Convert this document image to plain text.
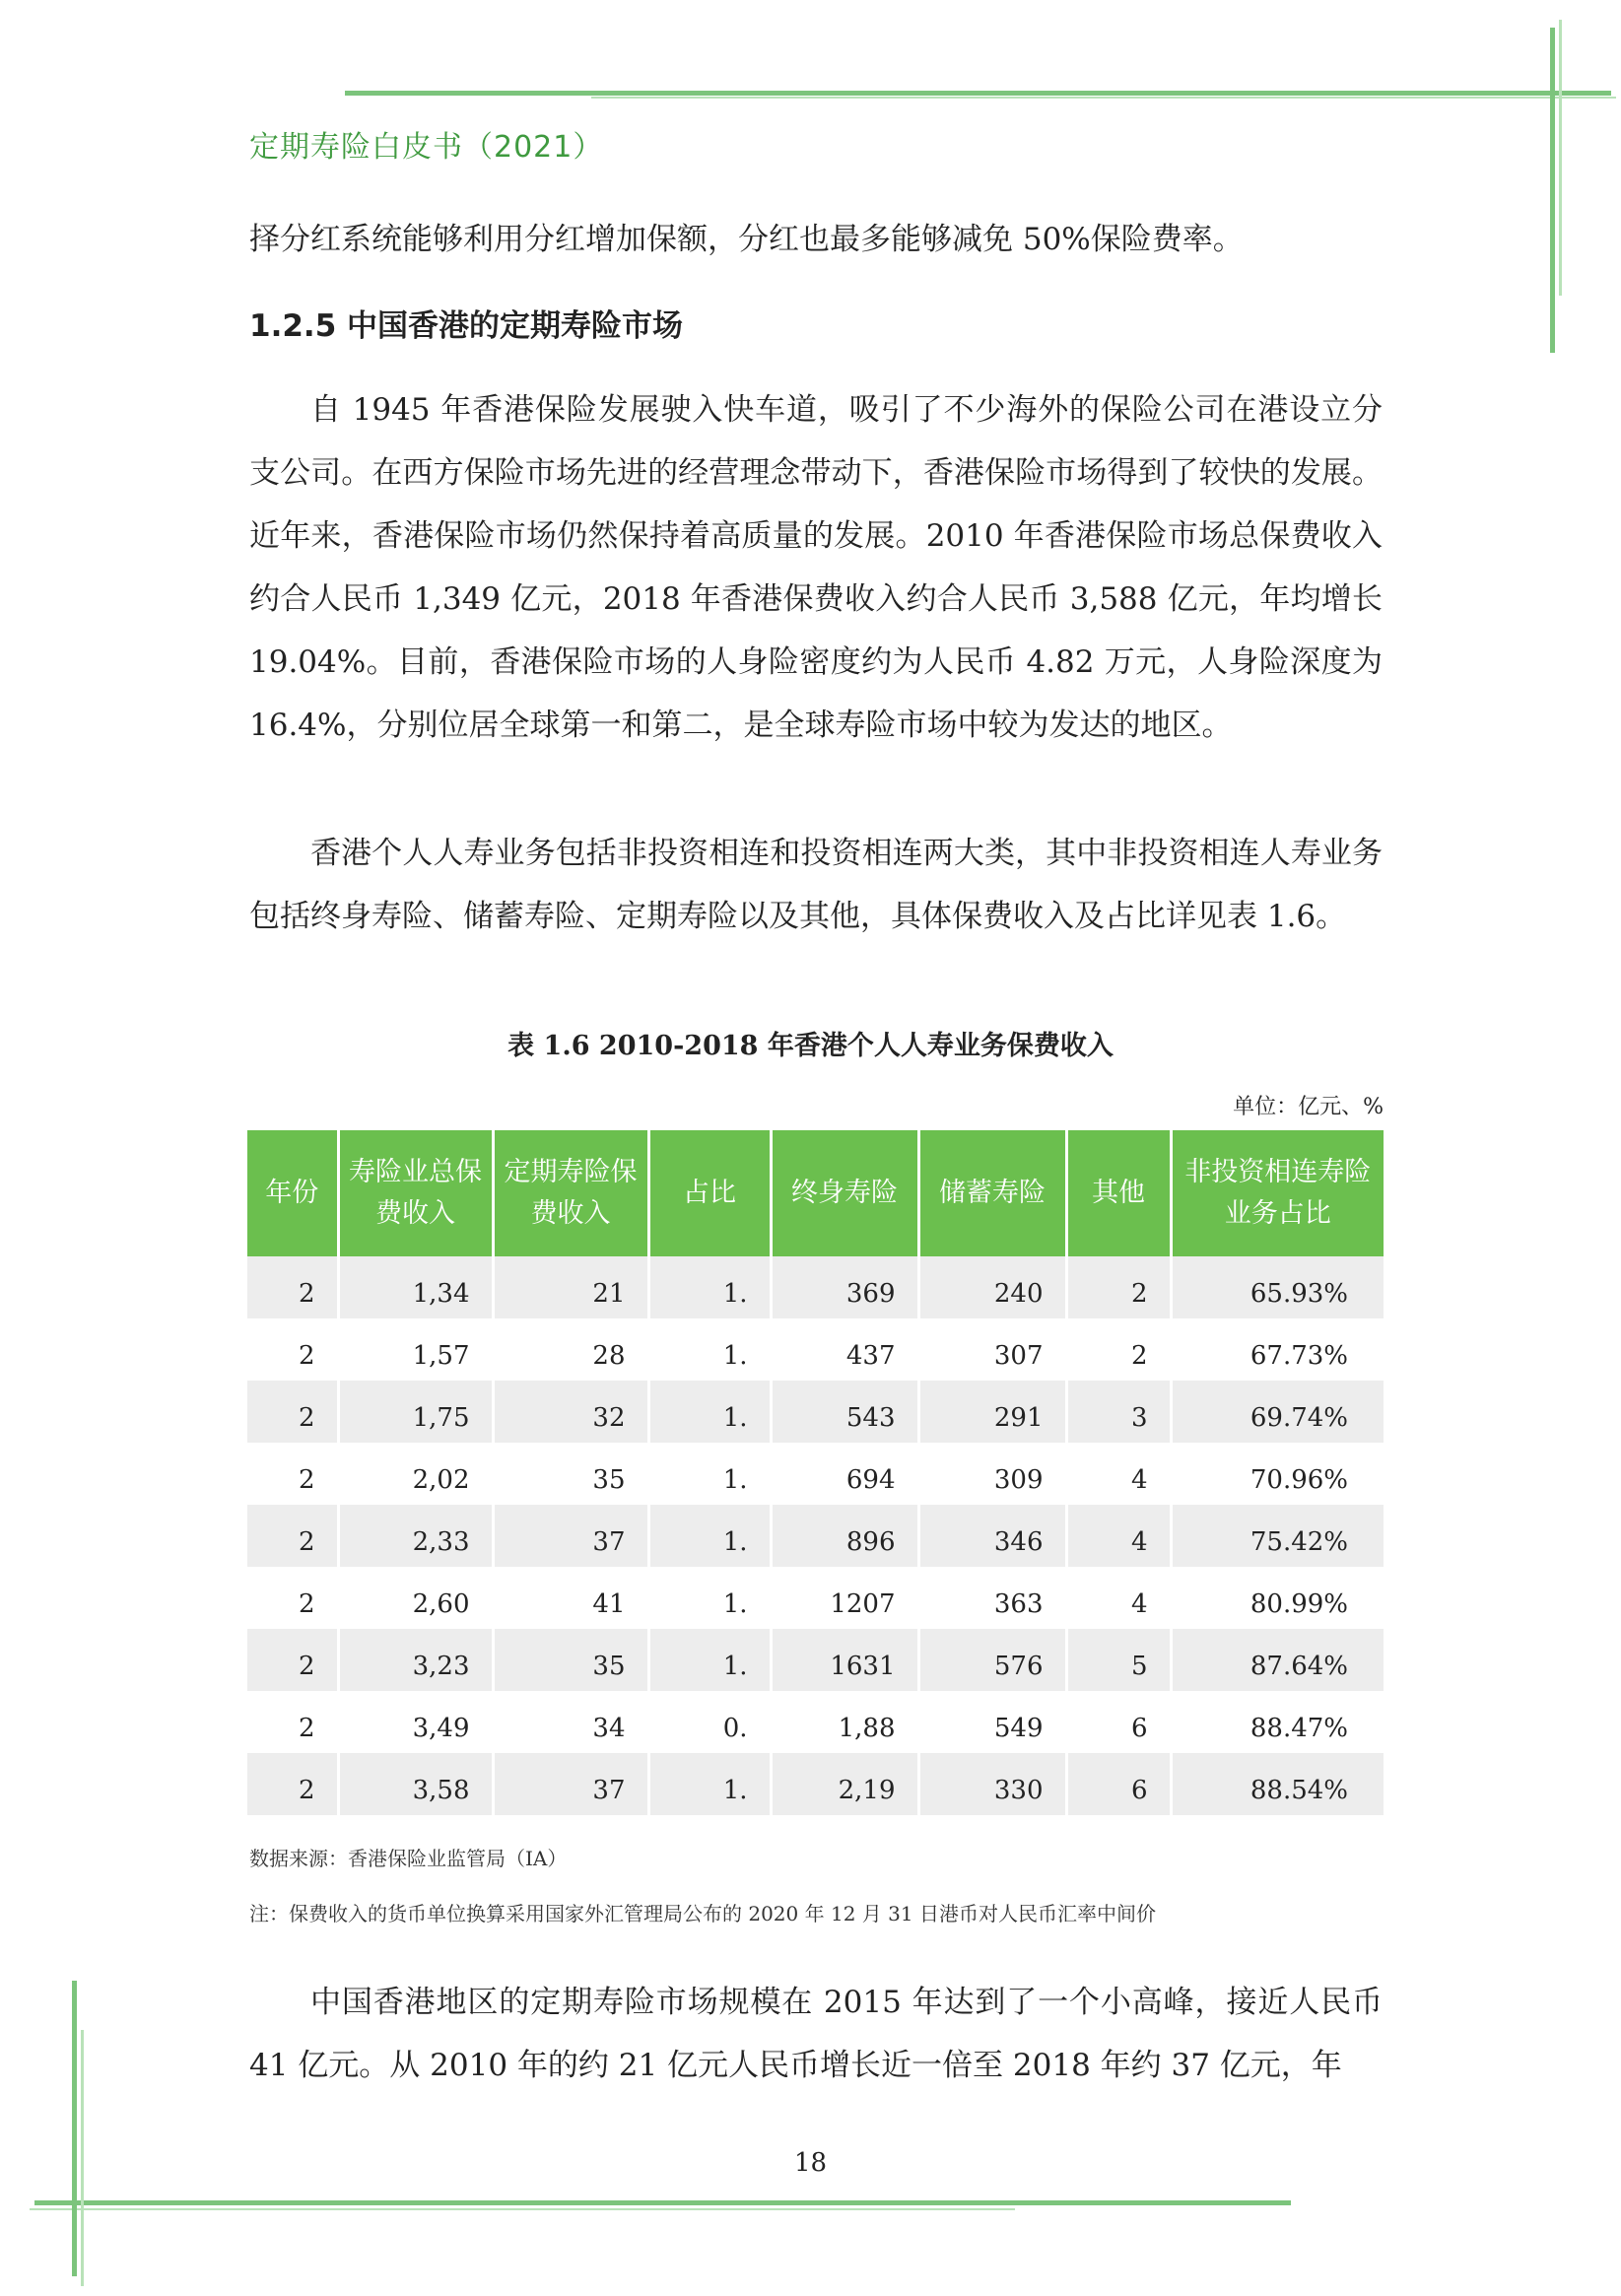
定期寿险白皮书（2021）

择分红系统能够利用分红增加保额，分红也最多能够减免 50%保险费率。

1.2.5 中国香港的定期寿险市场

自 1945 年香港保险发展驶入快车道，吸引了不少海外的保险公司在港设立分支公司。在西方保险市场先进的经营理念带动下，香港保险市场得到了较快的发展。近年来，香港保险市场仍然保持着高质量的发展。2010 年香港保险市场总保费收入约合人民币 1,349 亿元，2018 年香港保费收入约合人民币 3,588 亿元，年均增长 19.04%。目前，香港保险市场的人身险密度约为人民币 4.82 万元，人身险深度为 16.4%，分别位居全球第一和第二，是全球寿险市场中较为发达的地区。

香港个人人寿业务包括非投资相连和投资相连两大类，其中非投资相连人寿业务包括终身寿险、储蓄寿险、定期寿险以及其他，具体保费收入及占比详见表 1.6。

表 1.6 2010-2018 年香港个人人寿业务保费收入
单位：亿元、%
年份	寿险业总保费收入	定期寿险保费收入	占比	终身寿险	储蓄寿险	其他	非投资相连寿险业务占比
2	1,34	21	1.	369	240	2	65.93%
2	1,57	28	1.	437	307	2	67.73%
2	1,75	32	1.	543	291	3	69.74%
2	2,02	35	1.	694	309	4	70.96%
2	2,33	37	1.	896	346	4	75.42%
2	2,60	41	1.	1207	363	4	80.99%
2	3,23	35	1.	1631	576	5	87.64%
2	3,49	34	0.	1,88	549	6	88.47%
2	3,58	37	1.	2,19	330	6	88.54%
数据来源：香港保险业监管局（IA）
注：保费收入的货币单位换算采用国家外汇管理局公布的 2020 年 12 月 31 日港币对人民币汇率中间价

中国香港地区的定期寿险市场规模在 2015 年达到了一个小高峰，接近人民币 41 亿元。从 2010 年的约 21 亿元人民币增长近一倍至 2018 年约 37 亿元，年

18
